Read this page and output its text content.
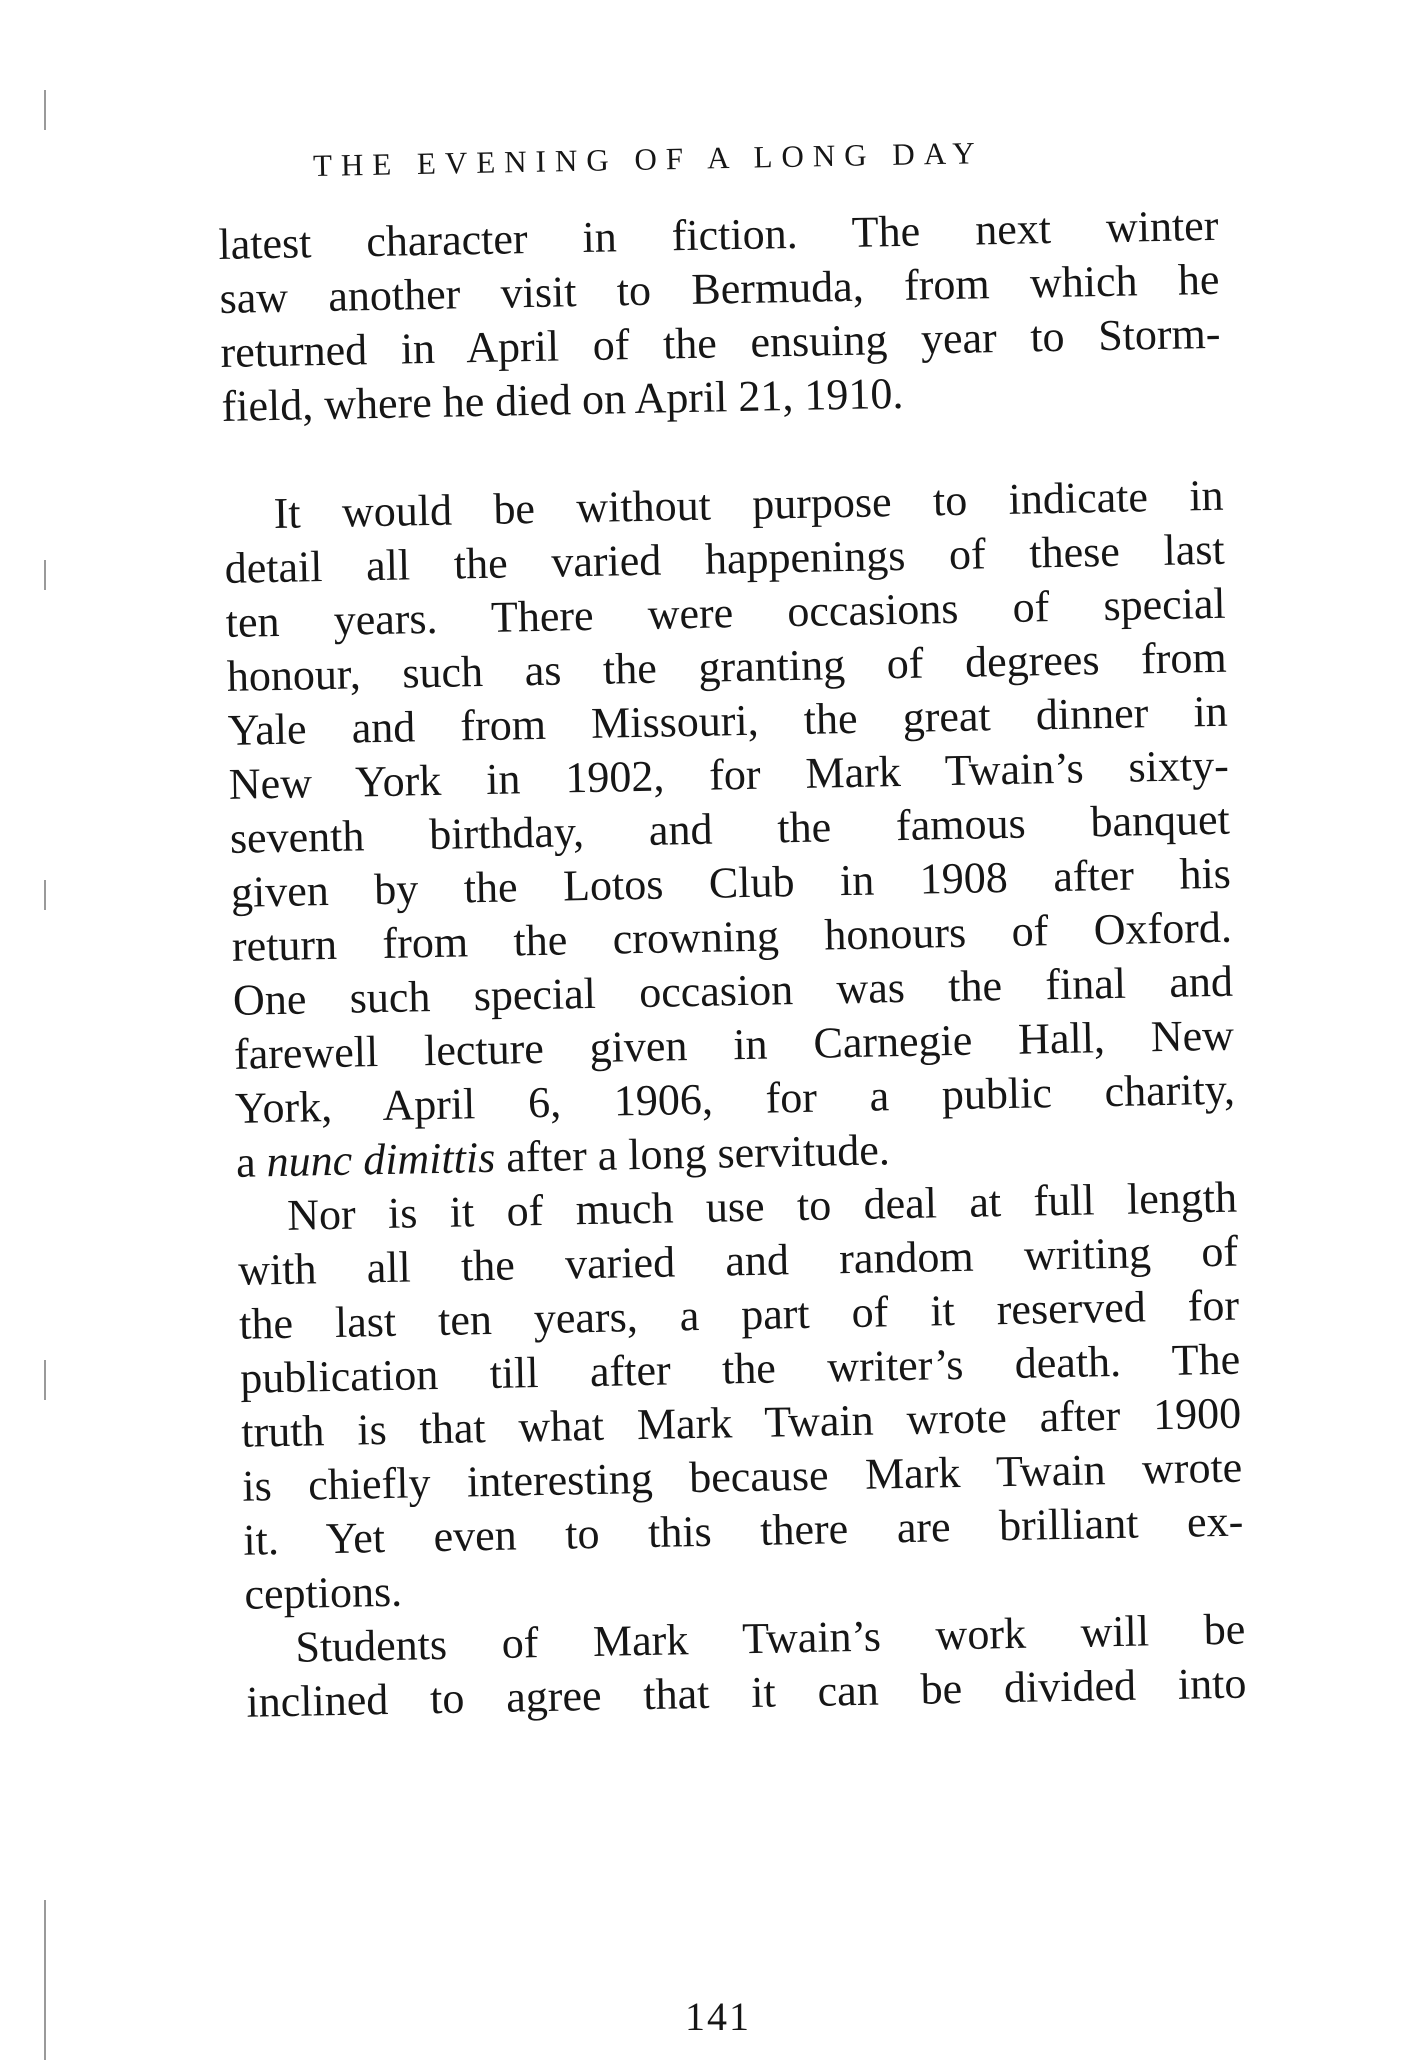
THE EVENING OF A LONG DAY
latest character in fiction. The next winter
saw another visit to Bermuda, from which he
returned in April of the ensuing year to Storm-
field, where he died on April 21, 1910.
It would be without purpose to indicate in
detail all the varied happenings of these last
ten years. There were occasions of special
honour, such as the granting of degrees from
Yale and from Missouri, the great dinner in
New York in 1902, for Mark Twain’s sixty-
seventh birthday, and the famous banquet
given by the Lotos Club in 1908 after his
return from the crowning honours of Oxford.
One such special occasion was the final and
farewell lecture given in Carnegie Hall, New
York, April 6, 1906, for a public charity,
a nunc dimittis after a long servitude.
Nor is it of much use to deal at full length
with all the varied and random writing of
the last ten years, a part of it reserved for
publication till after the writer’s death. The
truth is that what Mark Twain wrote after 1900
is chiefly interesting because Mark Twain wrote
it. Yet even to this there are brilliant ex-
ceptions.
Students of Mark Twain’s work will be
inclined to agree that it can be divided into
141
